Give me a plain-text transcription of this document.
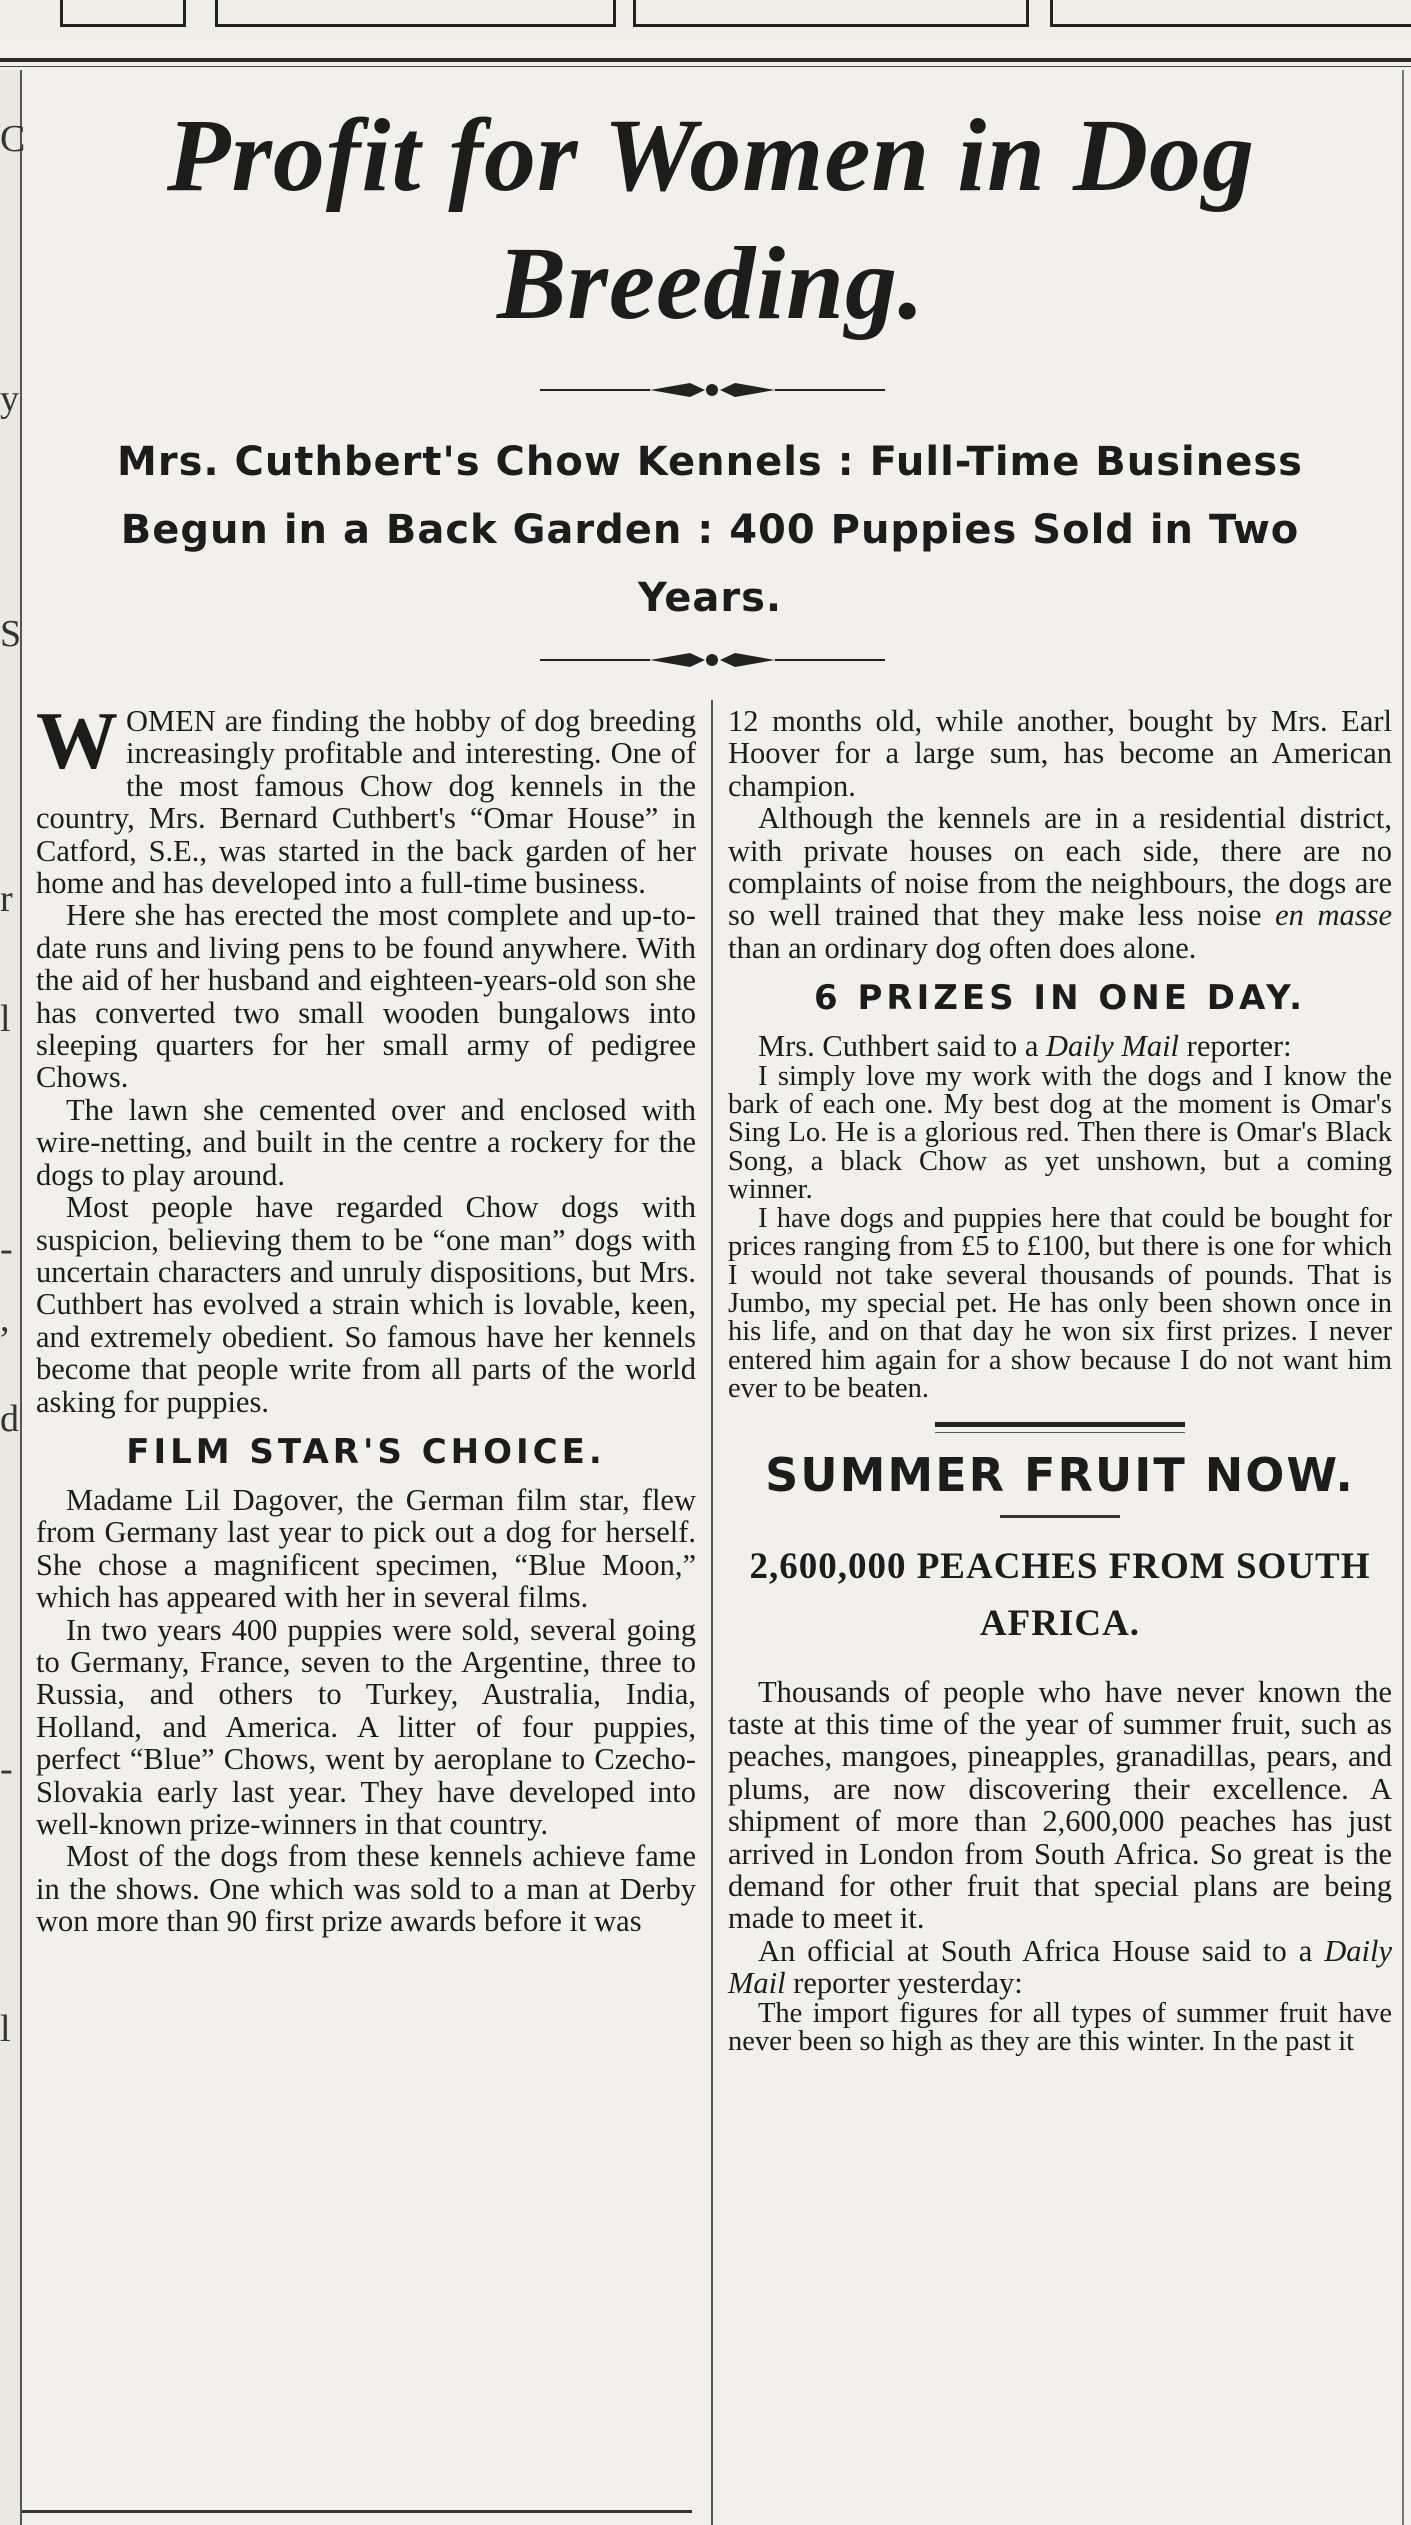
C
y
S
r
l
-
,
d
-
l
Profit for Women in Dog Breeding.

Mrs. Cuthbert's Chow Kennels : Full-Time Business Begun in a Back Garden : 400 Puppies Sold in Two Years.

WOMEN are finding the hobby of dog breeding increasingly profitable and interesting. One of the most famous Chow dog kennels in the country, Mrs. Bernard Cuthbert's “Omar House” in Catford, S.E., was started in the back garden of her home and has developed into a full-time business.

Here she has erected the most complete and up-to-date runs and living pens to be found anywhere. With the aid of her husband and eighteen-years-old son she has converted two small wooden bungalows into sleeping quarters for her small army of pedigree Chows.

The lawn she cemented over and enclosed with wire-netting, and built in the centre a rockery for the dogs to play around.

Most people have regarded Chow dogs with suspicion, believing them to be “one man” dogs with uncertain characters and unruly dispositions, but Mrs. Cuthbert has evolved a strain which is lovable, keen, and extremely obedient. So famous have her kennels become that people write from all parts of the world asking for puppies.

FILM STAR'S CHOICE.

Madame Lil Dagover, the German film star, flew from Germany last year to pick out a dog for herself. She chose a magnificent specimen, “Blue Moon,” which has appeared with her in several films.

In two years 400 puppies were sold, several going to Germany, France, seven to the Argentine, three to Russia, and others to Turkey, Australia, India, Holland, and America. A litter of four puppies, perfect “Blue” Chows, went by aeroplane to Czecho-Slovakia early last year. They have developed into well-known prize-winners in that country.

Most of the dogs from these kennels achieve fame in the shows. One which was sold to a man at Derby won more than 90 first prize awards before it was

12 months old, while another, bought by Mrs. Earl Hoover for a large sum, has become an American champion.

Although the kennels are in a residential district, with private houses on each side, there are no complaints of noise from the neighbours, the dogs are so well trained that they make less noise en masse than an ordinary dog often does alone.

6 PRIZES IN ONE DAY.

Mrs. Cuthbert said to a Daily Mail reporter:

I simply love my work with the dogs and I know the bark of each one. My best dog at the moment is Omar's Sing Lo. He is a glorious red. Then there is Omar's Black Song, a black Chow as yet unshown, but a coming winner.

I have dogs and puppies here that could be bought for prices ranging from £5 to £100, but there is one for which I would not take several thousands of pounds. That is Jumbo, my special pet. He has only been shown once in his life, and on that day he won six first prizes. I never entered him again for a show because I do not want him ever to be beaten.

SUMMER FRUIT NOW.
2,600,000 PEACHES FROM SOUTH AFRICA.

Thousands of people who have never known the taste at this time of the year of summer fruit, such as peaches, mangoes, pineapples, granadillas, pears, and plums, are now discovering their excellence. A shipment of more than 2,600,000 peaches has just arrived in London from South Africa. So great is the demand for other fruit that special plans are being made to meet it.

An official at South Africa House said to a Daily Mail reporter yesterday:

The import figures for all types of summer fruit have never been so high as they are this winter. In the past it
